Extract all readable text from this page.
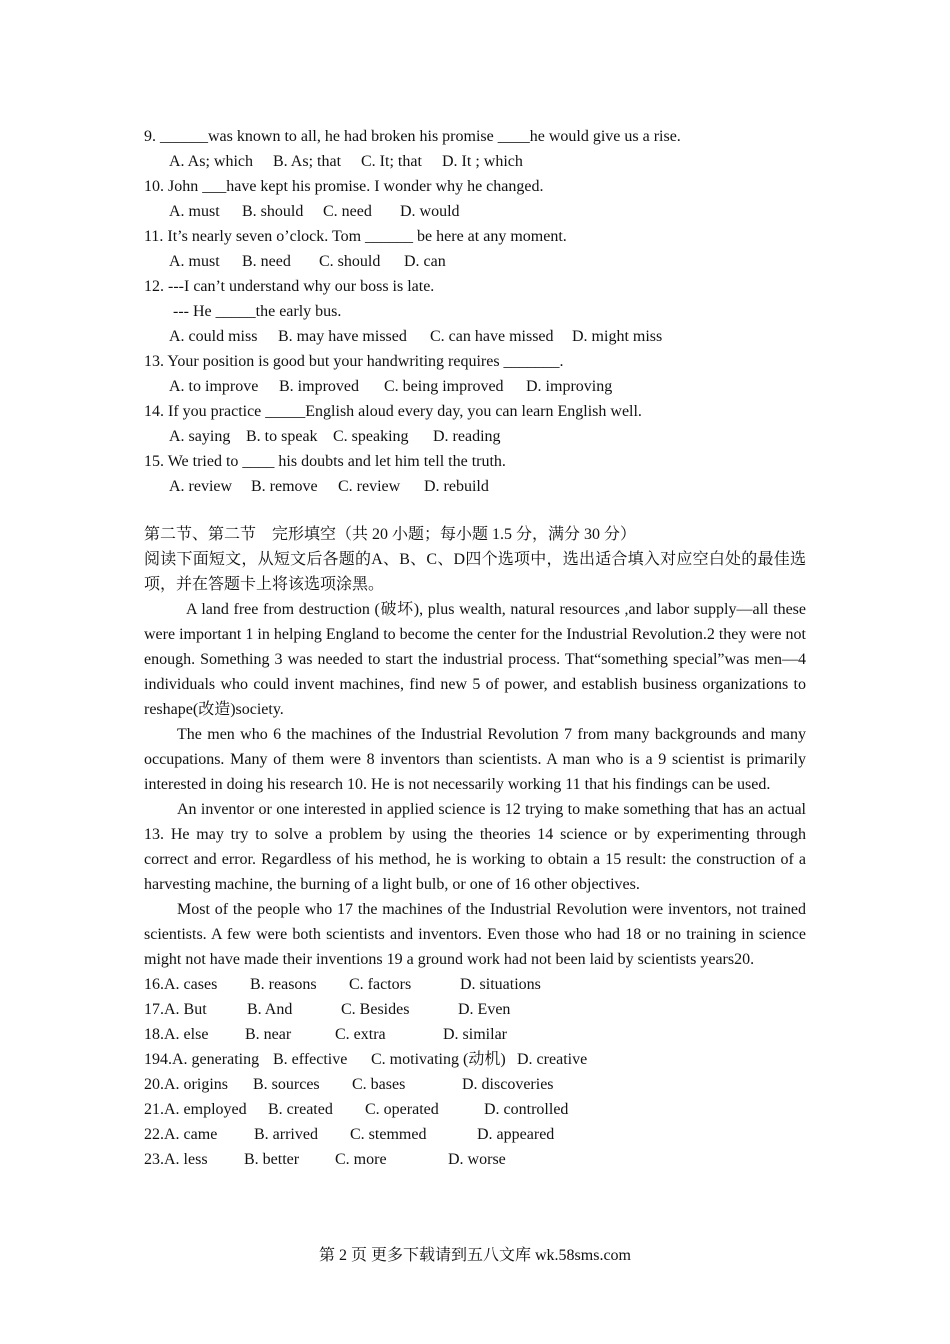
9. ______was known to all, he had broken his promise ____he would give us a rise.
A. As; which B. As; that C. It; that D. It ; which
10. John ___have kept his promise. I wonder why he changed.
A. must B. should C. need D. would
11. It’s nearly seven o’clock. Tom ______ be here at any moment.
A. must B. need C. should D. can
12. ---I can’t understand why our boss is late.
--- He _____the early bus.
A. could miss B. may have missed C. can have missed D. might miss
13. Your position is good but your handwriting requires _______.
A. to improve B. improved C. being improved D. improving
14. If you practice _____English aloud every day, you can learn English well.
A. saying B. to speak C. speaking D. reading
15. We tried to ____ his doubts and let him tell the truth.
A. review B. remove C. review D. rebuild
第二节、第二节　完形填空（共 20 小题；每小题 1.5 分，满分 30 分）
阅读下面短文，从短文后各题的A、B、C、D四个选项中，选出适合填入对应空白处的最佳选项，并在答题卡上将该选项涂黑。
A land free from destruction (破坏), plus wealth, natural resources ,and labor supply—all these were important 1 in helping England to become the center for the Industrial Revolution.2 they were not enough. Something 3 was needed to start the industrial process. That“something special”was men—4 individuals who could invent machines, find new 5 of power, and establish business organizations to reshape(改造)society.
The men who 6 the machines of the Industrial Revolution 7 from many backgrounds and many occupations. Many of them were 8 inventors than scientists. A man who is a 9 scientist is primarily interested in doing his research 10. He is not necessarily working 11 that his findings can be used.
An inventor or one interested in applied science is 12 trying to make something that has an actual 13. He may try to solve a problem by using the theories 14 science or by experimenting through correct and error. Regardless of his method, he is working to obtain a 15 result: the construction of a harvesting machine, the burning of a light bulb, or one of 16 other objectives.
Most of the people who 17 the machines of the Industrial Revolution were inventors, not trained scientists. A few were both scientists and inventors. Even those who had 18 or no training in science might not have made their inventions 19 a ground work had not been laid by scientists years20.
16.A. cases B. reasons C. factors	D. situations
17.A. But	B. And	C. Besides	D. Even
18.A. else B. near	C. extra	D. similar
194.A. generating B. effective C. motivating (动机) D. creative
20.A. origins B. sources C. bases	D. discoveries
21.A. employed B. created C. operated	D. controlled
22.A. came B. arrived C. stemmed	D. appeared
23.A. less B. better C. more	D. worse
第 2 页 更多下载请到五八文库 wk.58sms.com
